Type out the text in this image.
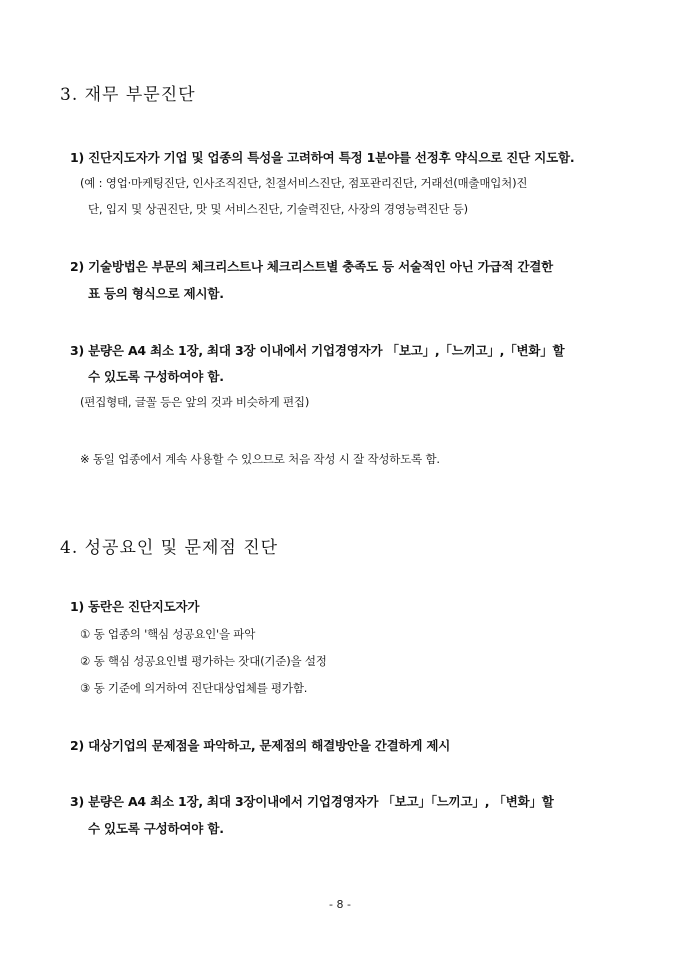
3. 재무 부문진단
1) 진단지도자가 기업 및 업종의 특성을 고려하여 특정 1분야를 선정후 약식으로 진단 지도함.
(예 : 영업·마케팅진단, 인사조직진단, 친절서비스진단, 점포관리진단, 거래선(매출매입처)진
단, 입지 및 상권진단, 맛 및 서비스진단, 기술력진단, 사장의 경영능력진단 등)
2) 기술방법은 부문의 체크리스트나 체크리스트별 충족도 등 서술적인 아닌 가급적 간결한
표 등의 형식으로 제시함.
3) 분량은 A4 최소 1장, 최대 3장 이내에서 기업경영자가 「보고」,「느끼고」,「변화」할
수 있도록 구성하여야 함.
(편집형태, 글꼴 등은 앞의 것과 비슷하게 편집)
※ 동일 업종에서 계속 사용할 수 있으므로 처음 작성 시 잘 작성하도록 함.
4. 성공요인 및 문제점 진단
1) 동란은 진단지도자가
① 동 업종의 '핵심 성공요인'을 파악
② 동 핵심 성공요인별 평가하는 잣대(기준)을 설정
③ 동 기준에 의거하여 진단대상업체를 평가함.
2) 대상기업의 문제점을 파악하고, 문제점의 해결방안을 간결하게 제시
3) 분량은 A4 최소 1장, 최대 3장이내에서 기업경영자가 「보고」「느끼고」, 「변화」할
수 있도록 구성하여야 함.
- 8 -
